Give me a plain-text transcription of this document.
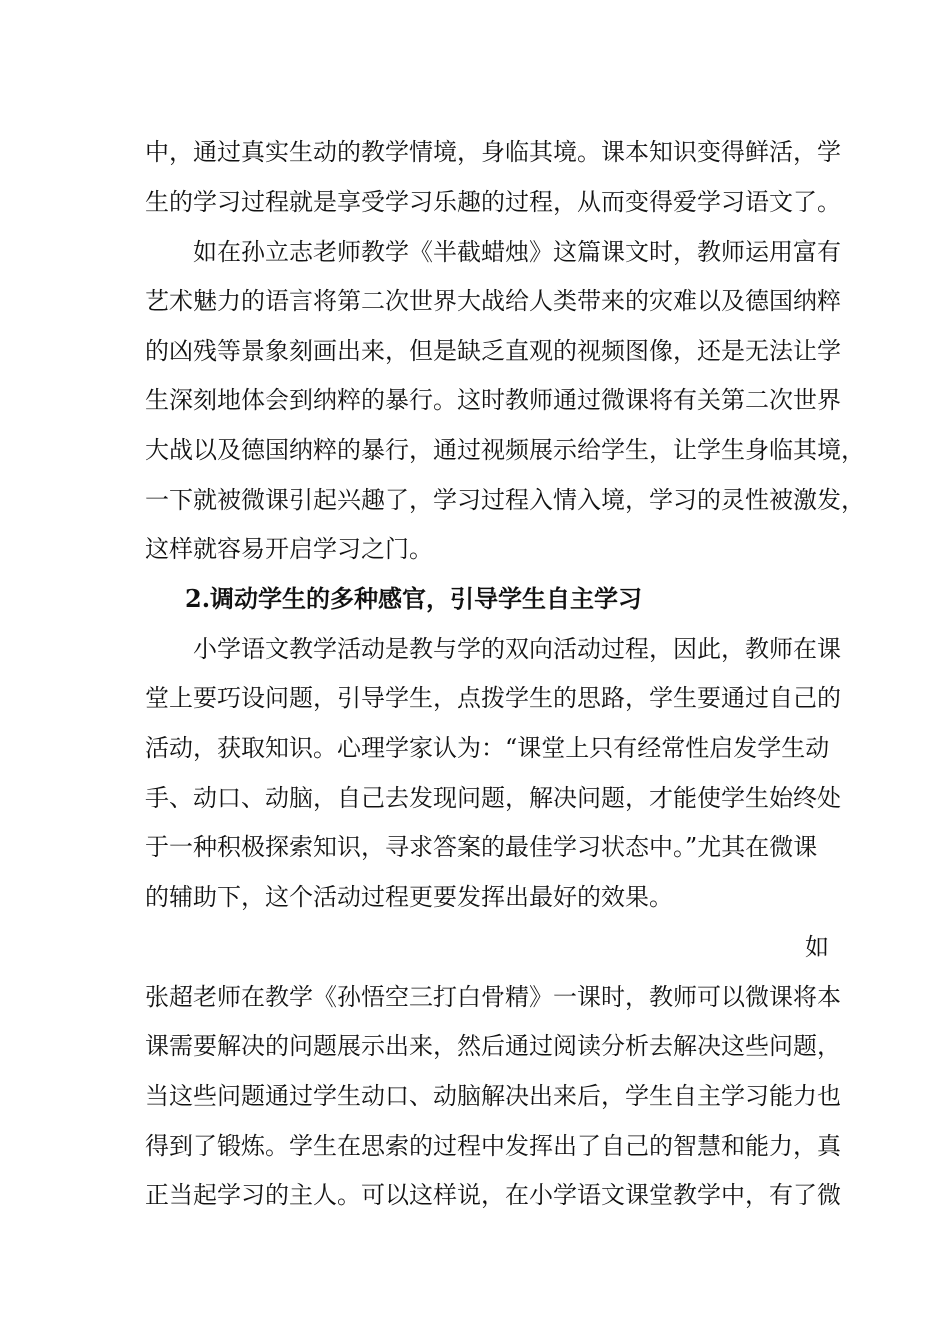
中，通过真实生动的教学情境，身临其境。课本知识变得鲜活，学
生的学习过程就是享受学习乐趣的过程，从而变得爱学习语文了。
如在孙立志老师教学《半截蜡烛》这篇课文时，教师运用富有
艺术魅力的语言将第二次世界大战给人类带来的灾难以及德国纳粹
的凶残等景象刻画出来，但是缺乏直观的视频图像，还是无法让学
生深刻地体会到纳粹的暴行。这时教师通过微课将有关第二次世界
大战以及德国纳粹的暴行，通过视频展示给学生，让学生身临其境，
一下就被微课引起兴趣了，学习过程入情入境，学习的灵性被激发，
这样就容易开启学习之门。
2.调动学生的多种感官，引导学生自主学习
小学语文教学活动是教与学的双向活动过程，因此，教师在课
堂上要巧设问题，引导学生，点拨学生的思路，学生要通过自己的
活动，获取知识。心理学家认为：“课堂上只有经常性启发学生动
手、动口、动脑，自己去发现问题，解决问题，才能使学生始终处
于一种积极探索知识，寻求答案的最佳学习状态中。”尤其在微课
的辅助下，这个活动过程更要发挥出最好的效果。
如
张超老师在教学《孙悟空三打白骨精》一课时，教师可以微课将本
课需要解决的问题展示出来，然后通过阅读分析去解决这些问题，
当这些问题通过学生动口、动脑解决出来后，学生自主学习能力也
得到了锻炼。学生在思索的过程中发挥出了自己的智慧和能力，真
正当起学习的主人。可以这样说，在小学语文课堂教学中，有了微
